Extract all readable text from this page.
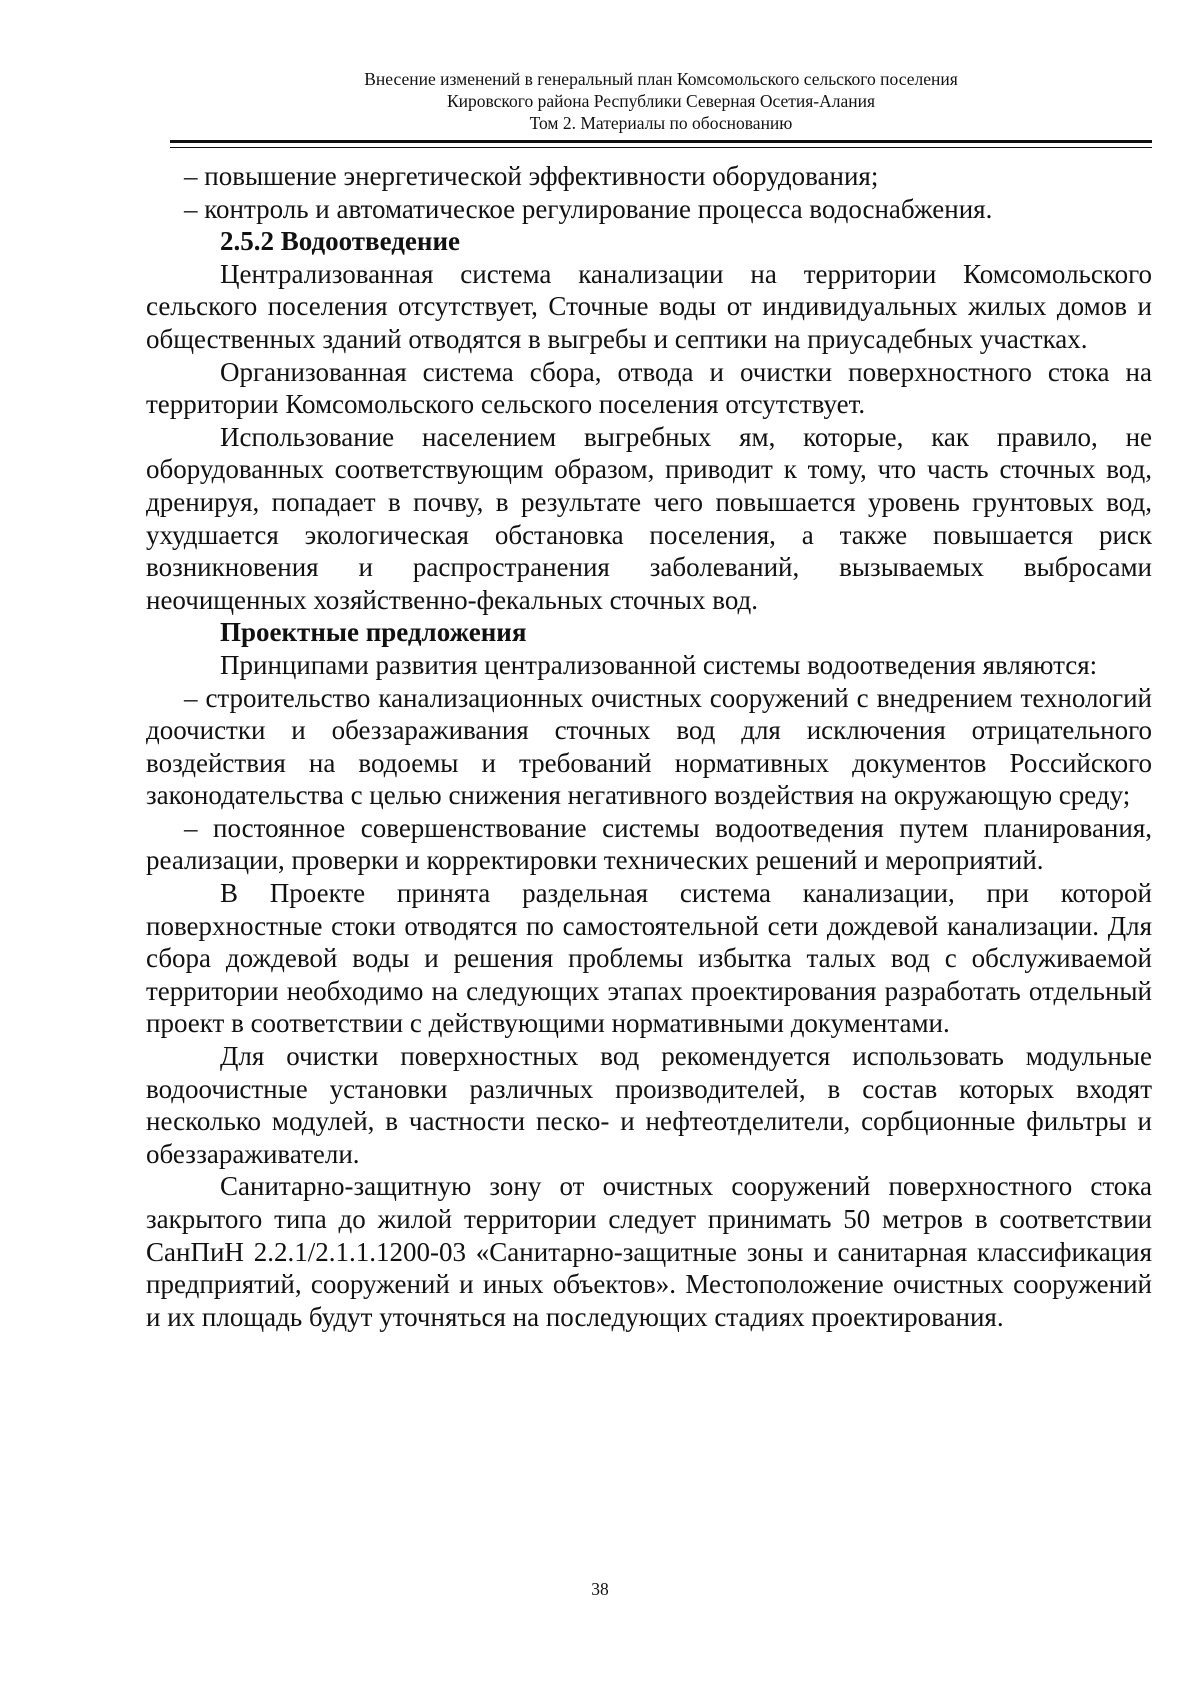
Внесение изменений в генеральный план Комсомольского сельского поселения
Кировского района Республики Северная Осетия-Алания
Том 2. Материалы по обоснованию

– повышение энергетической эффективности оборудования;

– контроль и автоматическое регулирование процесса водоснабжения.

2.5.2 Водоотведение

Централизованная система канализации на территории Комсомольского сельского поселения отсутствует, Сточные воды от индивидуальных жилых домов и общественных зданий отводятся в выгребы и септики на приусадебных участках.

Организованная система сбора, отвода и очистки поверхностного стока на территории Комсомольского сельского поселения отсутствует.

Использование населением выгребных ям, которые, как правило, не оборудованных соответствующим образом, приводит к тому, что часть сточных вод, дренируя, попадает в почву, в результате чего повышается уровень грунтовых вод, ухудшается экологическая обстановка поселения, а также повышается риск возникновения и распространения заболеваний, вызываемых выбросами неочищенных хозяйственно-фекальных сточных вод.

Проектные предложения

Принципами развития централизованной системы водоотведения являются:

– строительство канализационных очистных сооружений с внедрением технологий доочистки и обеззараживания сточных вод для исключения отрицательного воздействия на водоемы и требований нормативных документов Российского законодательства с целью снижения негативного воздействия на окружающую среду;

– постоянное совершенствование системы водоотведения путем планирования, реализации, проверки и корректировки технических решений и мероприятий.

В Проекте принята раздельная система канализации, при которой поверхностные стоки отводятся по самостоятельной сети дождевой канализации. Для сбора дождевой воды и решения проблемы избытка талых вод с обслуживаемой территории необходимо на следующих этапах проектирования разработать отдельный проект в соответствии с действующими нормативными документами.

Для очистки поверхностных вод рекомендуется использовать модульные водоочистные установки различных производителей, в состав которых входят несколько модулей, в частности песко- и нефтеотделители, сорбционные фильтры и обеззараживатели.

Санитарно-защитную зону от очистных сооружений поверхностного стока закрытого типа до жилой территории следует принимать 50 метров в соответствии СанПиН 2.2.1/2.1.1.1200-03 «Санитарно-защитные зоны и санитарная классификация предприятий, сооружений и иных объектов». Местоположение очистных сооружений и их площадь будут уточняться на последующих стадиях проектирования.

38
